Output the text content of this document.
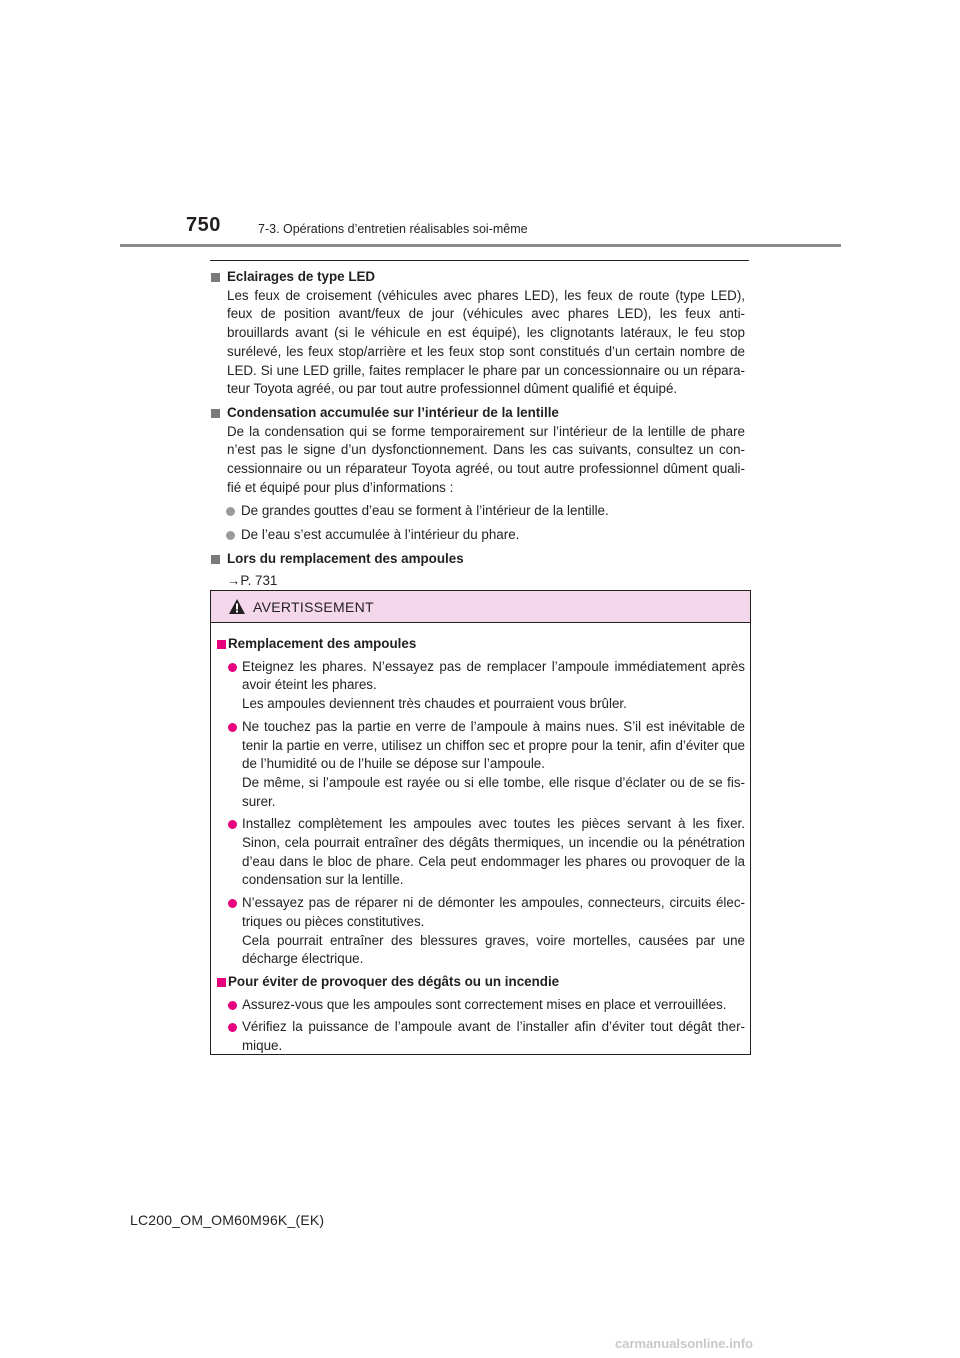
750	7-3. Opérations d’entretien réalisables soi-même
Eclairages de type LED
Les feux de croisement (véhicules avec phares LED), les feux de route (type LED), feux de position avant/feux de jour (véhicules avec phares LED), les feux anti-brouillards avant (si le véhicule en est équipé), les clignotants latéraux, le feu stop surélevé, les feux stop/arrière et les feux stop sont constitués d’un certain nombre de LED. Si une LED grille, faites remplacer le phare par un concessionnaire ou un répara-teur Toyota agréé, ou par tout autre professionnel dûment qualifié et équipé.
Condensation accumulée sur l’intérieur de la lentille
De la condensation qui se forme temporairement sur l’intérieur de la lentille de phare n’est pas le signe d’un dysfonctionnement. Dans les cas suivants, consultez un con-cessionnaire ou un réparateur Toyota agréé, ou tout autre professionnel dûment quali-fié et équipé pour plus d’informations :
De grandes gouttes d’eau se forment à l’intérieur de la lentille.
De l’eau s’est accumulée à l’intérieur du phare.
Lors du remplacement des ampoules
→P. 731
AVERTISSEMENT
Remplacement des ampoules
Eteignez les phares. N’essayez pas de remplacer l’ampoule immédiatement après avoir éteint les phares.
Les ampoules deviennent très chaudes et pourraient vous brûler.
Ne touchez pas la partie en verre de l’ampoule à mains nues. S’il est inévitable de tenir la partie en verre, utilisez un chiffon sec et propre pour la tenir, afin d’éviter que de l’humidité ou de l’huile se dépose sur l’ampoule.
De même, si l’ampoule est rayée ou si elle tombe, elle risque d’éclater ou de se fis-surer.
Installez complètement les ampoules avec toutes les pièces servant à les fixer. Sinon, cela pourrait entraîner des dégâts thermiques, un incendie ou la pénétration d’eau dans le bloc de phare. Cela peut endommager les phares ou provoquer de la condensation sur la lentille.
N’essayez pas de réparer ni de démonter les ampoules, connecteurs, circuits élec-triques ou pièces constitutives.
Cela pourrait entraîner des blessures graves, voire mortelles, causées par une décharge électrique.
Pour éviter de provoquer des dégâts ou un incendie
Assurez-vous que les ampoules sont correctement mises en place et verrouillées.
Vérifiez la puissance de l’ampoule avant de l’installer afin d’éviter tout dégât ther-mique.
LC200_OM_OM60M96K_(EK)
carmanualsonline.info
